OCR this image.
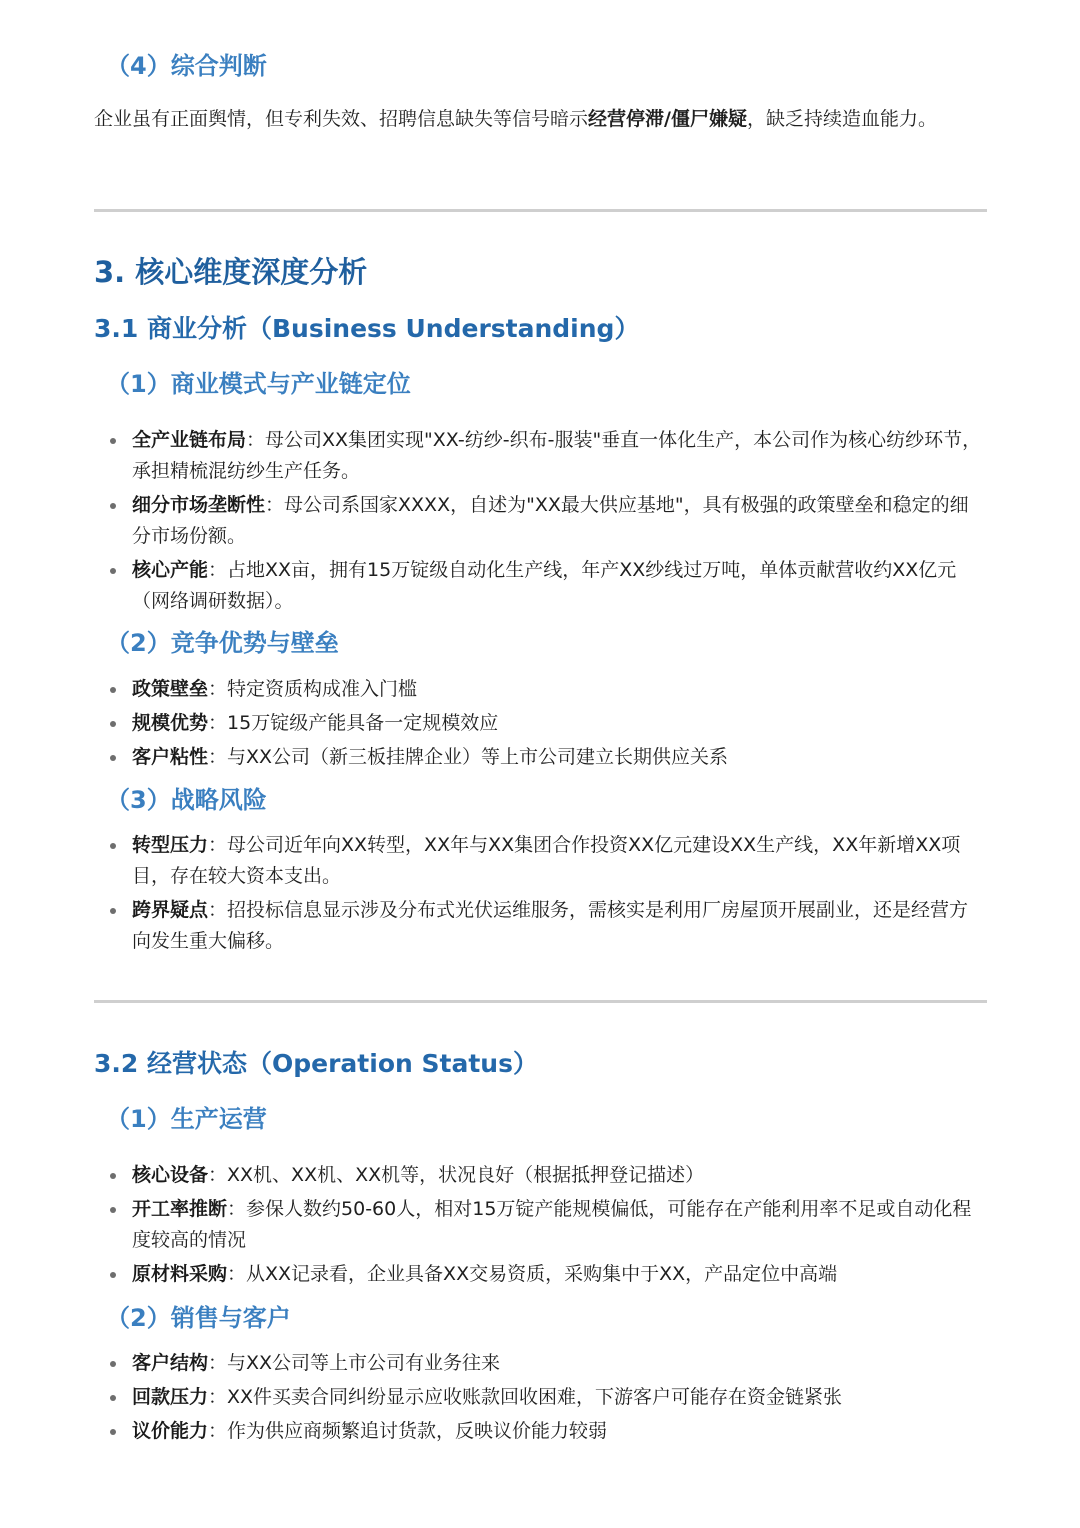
（4）综合判断

企业虽有正面舆情，但专利失效、招聘信息缺失等信号暗示经营停滞/僵尸嫌疑，缺乏持续造血能力。

3. 核心维度深度分析
3.1 商业分析（Business Understanding）
（1）商业模式与产业链定位
全产业链布局：母公司XX集团实现"XX-纺纱-织布-服装"垂直一体化生产，本公司作为核心纺纱环节，承担精梳混纺纱生产任务。
细分市场垄断性：母公司系国家XXXX，自述为"XX最大供应基地"，具有极强的政策壁垒和稳定的细分市场份额。
核心产能：占地XX亩，拥有15万锭级自动化生产线，年产XX纱线过万吨，单体贡献营收约XX亿元（网络调研数据）。
（2）竞争优势与壁垒
政策壁垒：特定资质构成准入门槛
规模优势：15万锭级产能具备一定规模效应
客户粘性：与XX公司（新三板挂牌企业）等上市公司建立长期供应关系
（3）战略风险
转型压力：母公司近年向XX转型，XX年与XX集团合作投资XX亿元建设XX生产线，XX年新增XX项目，存在较大资本支出。
跨界疑点：招投标信息显示涉及分布式光伏运维服务，需核实是利用厂房屋顶开展副业，还是经营方向发生重大偏移。
3.2 经营状态（Operation Status）
（1）生产运营
核心设备：XX机、XX机、XX机等，状况良好（根据抵押登记描述）
开工率推断：参保人数约50-60人，相对15万锭产能规模偏低，可能存在产能利用率不足或自动化程度较高的情况
原材料采购：从XX记录看，企业具备XX交易资质，采购集中于XX，产品定位中高端
（2）销售与客户
客户结构：与XX公司等上市公司有业务往来
回款压力：XX件买卖合同纠纷显示应收账款回收困难，下游客户可能存在资金链紧张
议价能力：作为供应商频繁追讨货款，反映议价能力较弱
